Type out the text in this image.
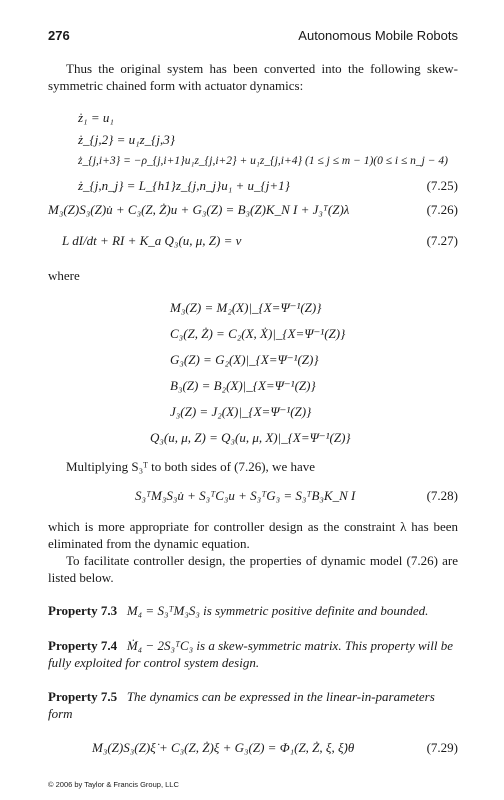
276	Autonomous Mobile Robots
Thus the original system has been converted into the following skew-symmetric chained form with actuator dynamics:
ż₁ = u₁
ż_{j,2} = u₁z_{j,3}
ż_{j,i+3} = −ρ_{j,i+1}u₁z_{j,i+2} + u₁z_{j,i+4} (1 ≤ j ≤ m − 1)(0 ≤ i ≤ n_j − 4)
ż_{j,n_j} = L_{h1}z_{j,n_j}u₁ + u_{j+1}	(7.25)
M₃(Z)S₃(Z)u̇ + C₃(Z, Ż)u + G₃(Z) = B₃(Z)K_N I + J₃ᵀ(Z)λ	(7.26)
L dI/dt + RI + K_a Q₃(u, μ, Z) = ν	(7.27)
where
M₃(Z) = M₂(X)|_{X=Ψ⁻¹(Z)}
C₃(Z, Ż) = C₂(X, Ẋ)|_{X=Ψ⁻¹(Z)}
G₃(Z) = G₂(X)|_{X=Ψ⁻¹(Z)}
B₃(Z) = B₂(X)|_{X=Ψ⁻¹(Z)}
J₃(Z) = J₂(X)|_{X=Ψ⁻¹(Z)}
Q₃(u, μ, Z) = Q₃(u, μ, X)|_{X=Ψ⁻¹(Z)}
Multiplying S₃ᵀ to both sides of (7.26), we have
S₃ᵀM₃S₃u̇ + S₃ᵀC₃u + S₃ᵀG₃ = S₃ᵀB₃K_N I	(7.28)
which is more appropriate for controller design as the constraint λ has been eliminated from the dynamic equation.
To facilitate controller design, the properties of dynamic model (7.26) are listed below.
Property 7.3 M₄ = S₃ᵀM₃S₃ is symmetric positive definite and bounded.
Property 7.4 Ṁ₄ − 2S₃ᵀC₃ is a skew-symmetric matrix. This property will be fully exploited for control system design.
Property 7.5 The dynamics can be expressed in the linear-in-parameters form
M₃(Z)S₃(Z)ξ̇ + C₃(Z, Ż)ξ + G₃(Z) = Φ₁(Z, Ż, ξ, ξ̇)θ	(7.29)
© 2006 by Taylor & Francis Group, LLC
